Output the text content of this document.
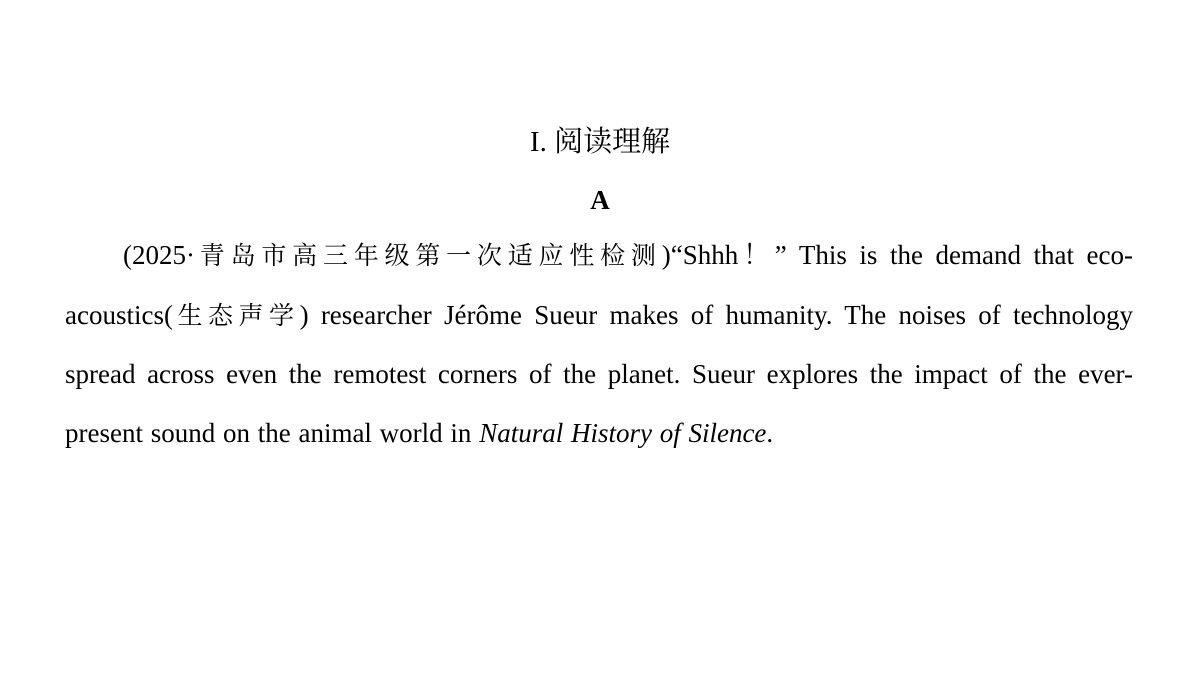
I. 阅读理解
A

(2025·青岛市高三年级第一次适应性检测)“Shhh！” This is the demand that eco-acoustics(生态声学) researcher Jérôme Sueur makes of humanity. The noises of technology spread across even the remotest corners of the planet. Sueur explores the impact of the ever-present sound on the animal world in Natural History of Silence.
